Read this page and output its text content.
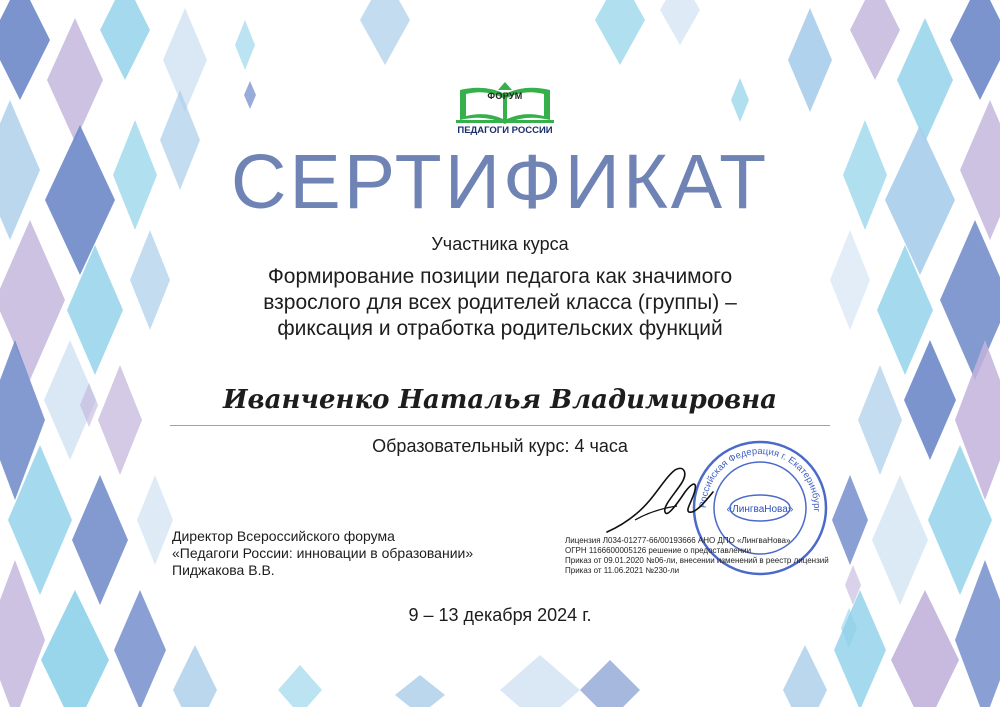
ФОРУМ
ПЕДАГОГИ РОССИИ
СЕРТИФИКАТ
Участника курса
Формирование позиции педагога как значимого
взрослого для всех родителей класса (группы) –
фиксация и отработка родительских функций
Иванченко Наталья Владимировна
Образовательный курс: 4 часа
Директор Всероссийского форума
«Педагоги России: инновации в образовании»
Пиджакова В.В.
Российская Федерация г. Екатеринбург
«ЛингваНова»
Лицензия Л034-01277-66/00193666 АНО ДПО «ЛингваНова»
ОГРН 1166600005126 решение о предоставлении
Приказ от 09.01.2020 №06-ли, внесении изменений в реестр лицензий
Приказ от 11.06.2021 №230-ли
9 – 13 декабря 2024 г.
